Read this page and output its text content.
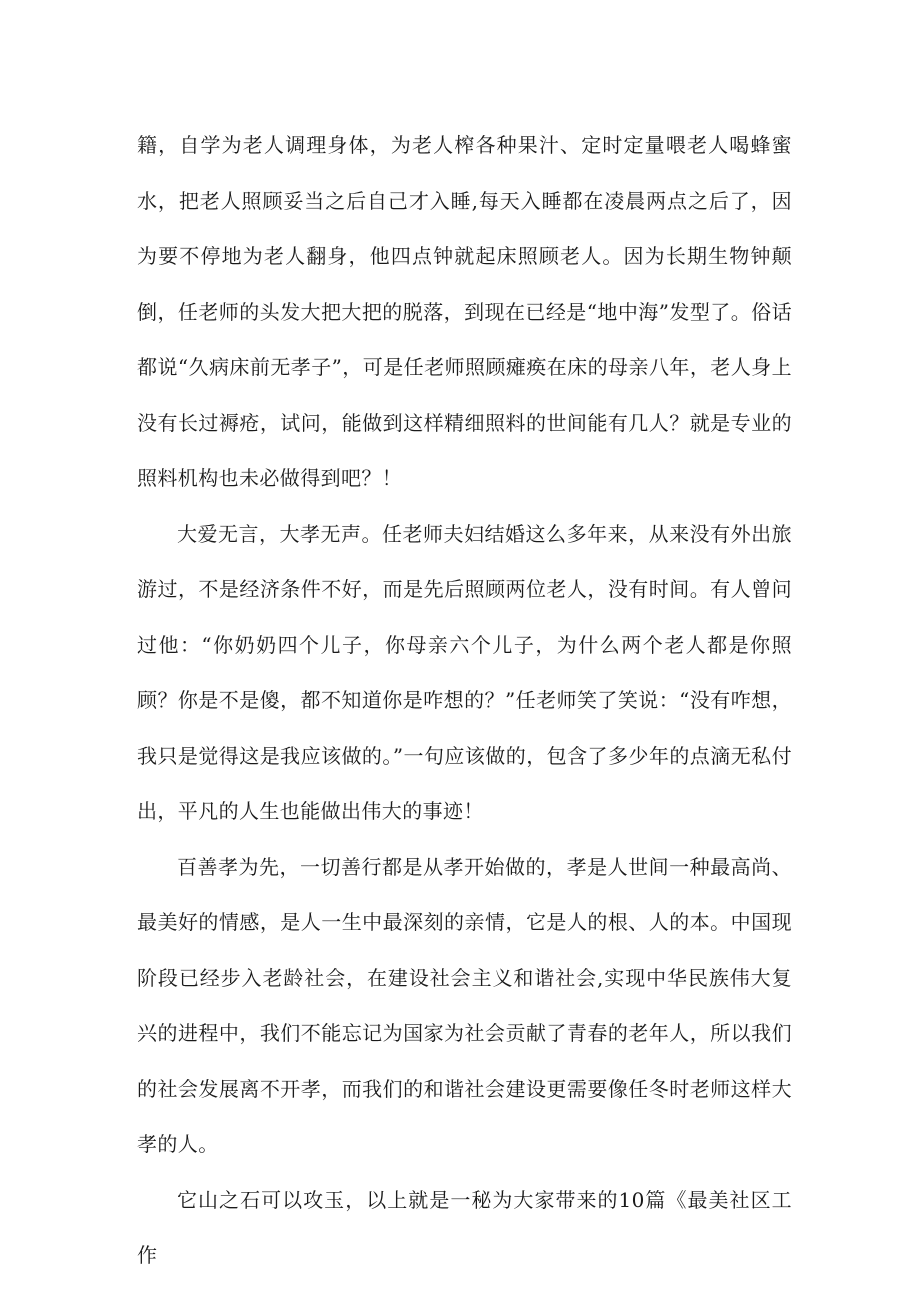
籍，自学为老人调理身体，为老人榨各种果汁、定时定量喂老人喝蜂蜜水，把老人照顾妥当之后自己才入睡,每天入睡都在凌晨两点之后了，因为要不停地为老人翻身，他四点钟就起床照顾老人。因为长期生物钟颠倒，任老师的头发大把大把的脱落，到现在已经是“地中海”发型了。俗话都说“久病床前无孝子”，可是任老师照顾瘫痪在床的母亲八年，老人身上没有长过褥疮，试问，能做到这样精细照料的世间能有几人？就是专业的照料机构也未必做得到吧？！

大爱无言，大孝无声。任老师夫妇结婚这么多年来，从来没有外出旅游过，不是经济条件不好，而是先后照顾两位老人，没有时间。有人曾问过他：“你奶奶四个儿子，你母亲六个儿子，为什么两个老人都是你照顾？你是不是傻，都不知道你是咋想的？”任老师笑了笑说：“没有咋想，我只是觉得这是我应该做的。”一句应该做的，包含了多少年的点滴无私付出，平凡的人生也能做出伟大的事迹！

百善孝为先，一切善行都是从孝开始做的，孝是人世间一种最高尚、最美好的情感，是人一生中最深刻的亲情，它是人的根、人的本。中国现阶段已经步入老龄社会，在建设社会主义和谐社会,实现中华民族伟大复兴的进程中，我们不能忘记为国家为社会贡献了青春的老年人，所以我们的社会发展离不开孝，而我们的和谐社会建设更需要像任冬时老师这样大孝的人。

它山之石可以攻玉，以上就是一秘为大家带来的10篇《最美社区工作
